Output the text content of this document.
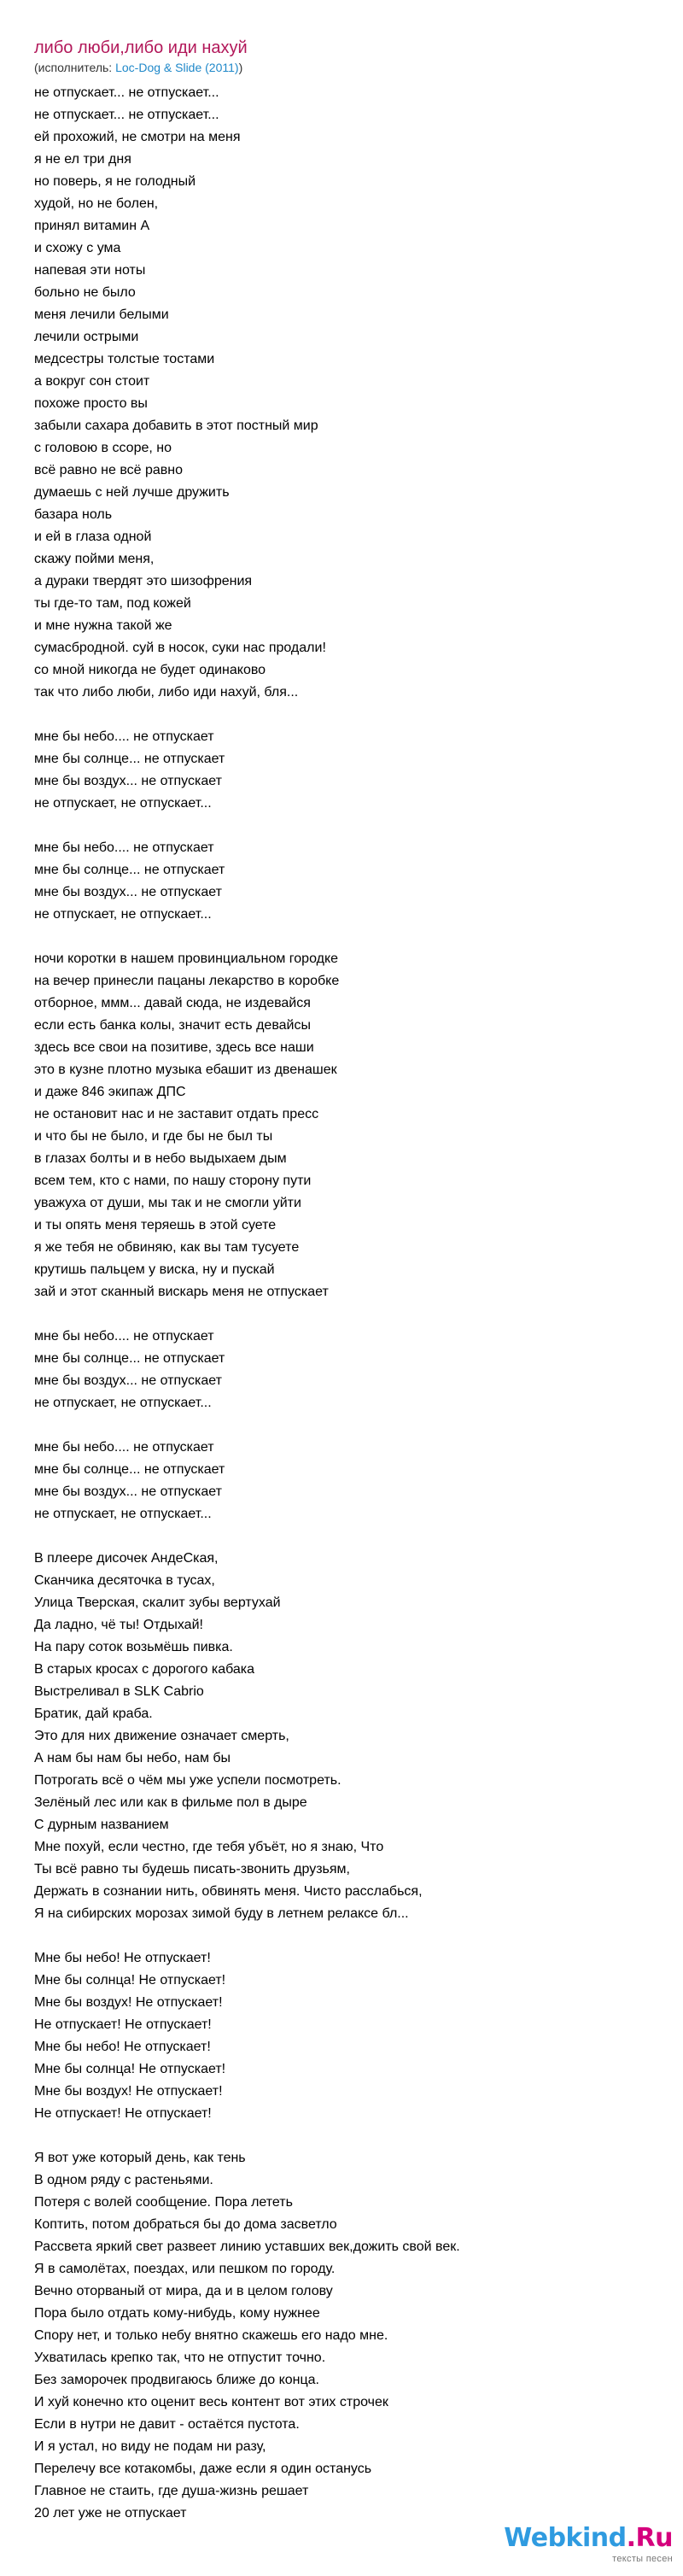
либо люби,либо иди нахуй
(исполнитель: Loc-Dog & Slide (2011))
не отпускает... не отпускает...
не отпускает... не отпускает...
ей прохожий, не смотри на меня
я не ел три дня
но поверь, я не голодный
худой, но не болен,
принял витамин А
и схожу с ума
напевая эти ноты
больно не было
меня лечили белыми
лечили острыми
медсестры толстые тостами
а вокруг сон стоит
похоже просто вы
забыли сахара добавить в этот постный мир
с головою в ссоре, но
всё равно не всё равно
думаешь с ней лучше дружить
базара ноль
и ей в глаза одной
скажу пойми меня,
а дураки твердят это шизофрения
ты где-то там, под кожей
и мне нужна такой же
сумасбродной. суй в носок, суки нас продали!
со мной никогда не будет одинаково
так что либо люби, либо иди нахуй, бля...
мне бы небо.... не отпускает
мне бы солнце... не отпускает
мне бы воздух... не отпускает
не отпускает, не отпускает...
мне бы небо.... не отпускает
мне бы солнце... не отпускает
мне бы воздух... не отпускает
не отпускает, не отпускает...
ночи коротки в нашем провинциальном городке
на вечер принесли пацаны лекарство в коробке
отборное, ммм... давай сюда, не издевайся
если есть банка колы, значит есть девайсы
здесь все свои на позитиве, здесь все наши
это в кузне плотно музыка ебашит из двенашек
и даже 846 экипаж ДПС
не остановит нас и не заставит отдать пресс
и что бы не было, и где бы не был ты
в глазах болты и в небо выдыхаем дым
всем тем, кто с нами, по нашу сторону пути
уважуха от души, мы так и не смогли уйти
и ты опять меня теряешь в этой суете
я же тебя не обвиняю, как вы там тусуете
крутишь пальцем у виска, ну и пускай
зай и этот сканный вискарь меня не отпускает
мне бы небо.... не отпускает
мне бы солнце... не отпускает
мне бы воздух... не отпускает
не отпускает, не отпускает...
мне бы небо.... не отпускает
мне бы солнце... не отпускает
мне бы воздух... не отпускает
не отпускает, не отпускает...
В плеере дисочек АндеСкая,
Сканчика десяточка в тусах,
Улица Тверская, скалит зубы вертухай
Да ладно, чё ты! Отдыхай!
На пару соток возьмёшь пивка.
В старых кросах с дорогого кабака
Выстреливал в SLK Cabrio
Братик, дай краба.
Это для них движение означает смерть,
А нам бы нам бы небо, нам бы
Потрогать всё о чём мы уже успели посмотреть.
Зелёный лес или как в фильме пол в дыре
С дурным названием
Мне похуй, если честно, где тебя убъёт, но я знаю, Что
Ты всё равно ты будешь писать-звонить друзьям,
Держать в сознании нить, обвинять меня. Чисто расслабься,
Я на сибирских морозах зимой буду в летнем релаксе бл...
Мне бы небо! Не отпускает!
Мне бы солнца! Не отпускает!
Мне бы воздух! Не отпускает!
Не отпускает! Не отпускает!
Мне бы небо! Не отпускает!
Мне бы солнца! Не отпускает!
Мне бы воздух! Не отпускает!
Не отпускает! Не отпускает!
Я вот уже который день, как тень
В одном ряду с растеньями.
Потеря с волей сообщение. Пора лететь
Коптить, потом добраться бы до дома засветло
Рассвета яркий свет развеет линию уставших век,дожить свой век.
Я в самолётах, поездах, или пешком по городу.
Вечно оторваный от мира, да и в целом голову
Пора было отдать кому-нибудь, кому нужнее
Спору нет, и только небу внятно скажешь его надо мне.
Ухватилась крепко так, что не отпустит точно.
Без заморочек продвигаюсь ближе до конца.
И хуй конечно кто оценит весь контент вот этих строчек
Если в нутри не давит - остаётся пустота.
И я устал, но виду не подам ни разу,
Перелечу все котакомбы, даже если я один останусь
Главное не стаить, где душа-жизнь решает
20 лет уже не отпускает
Webkind.Ru
тексты песен
